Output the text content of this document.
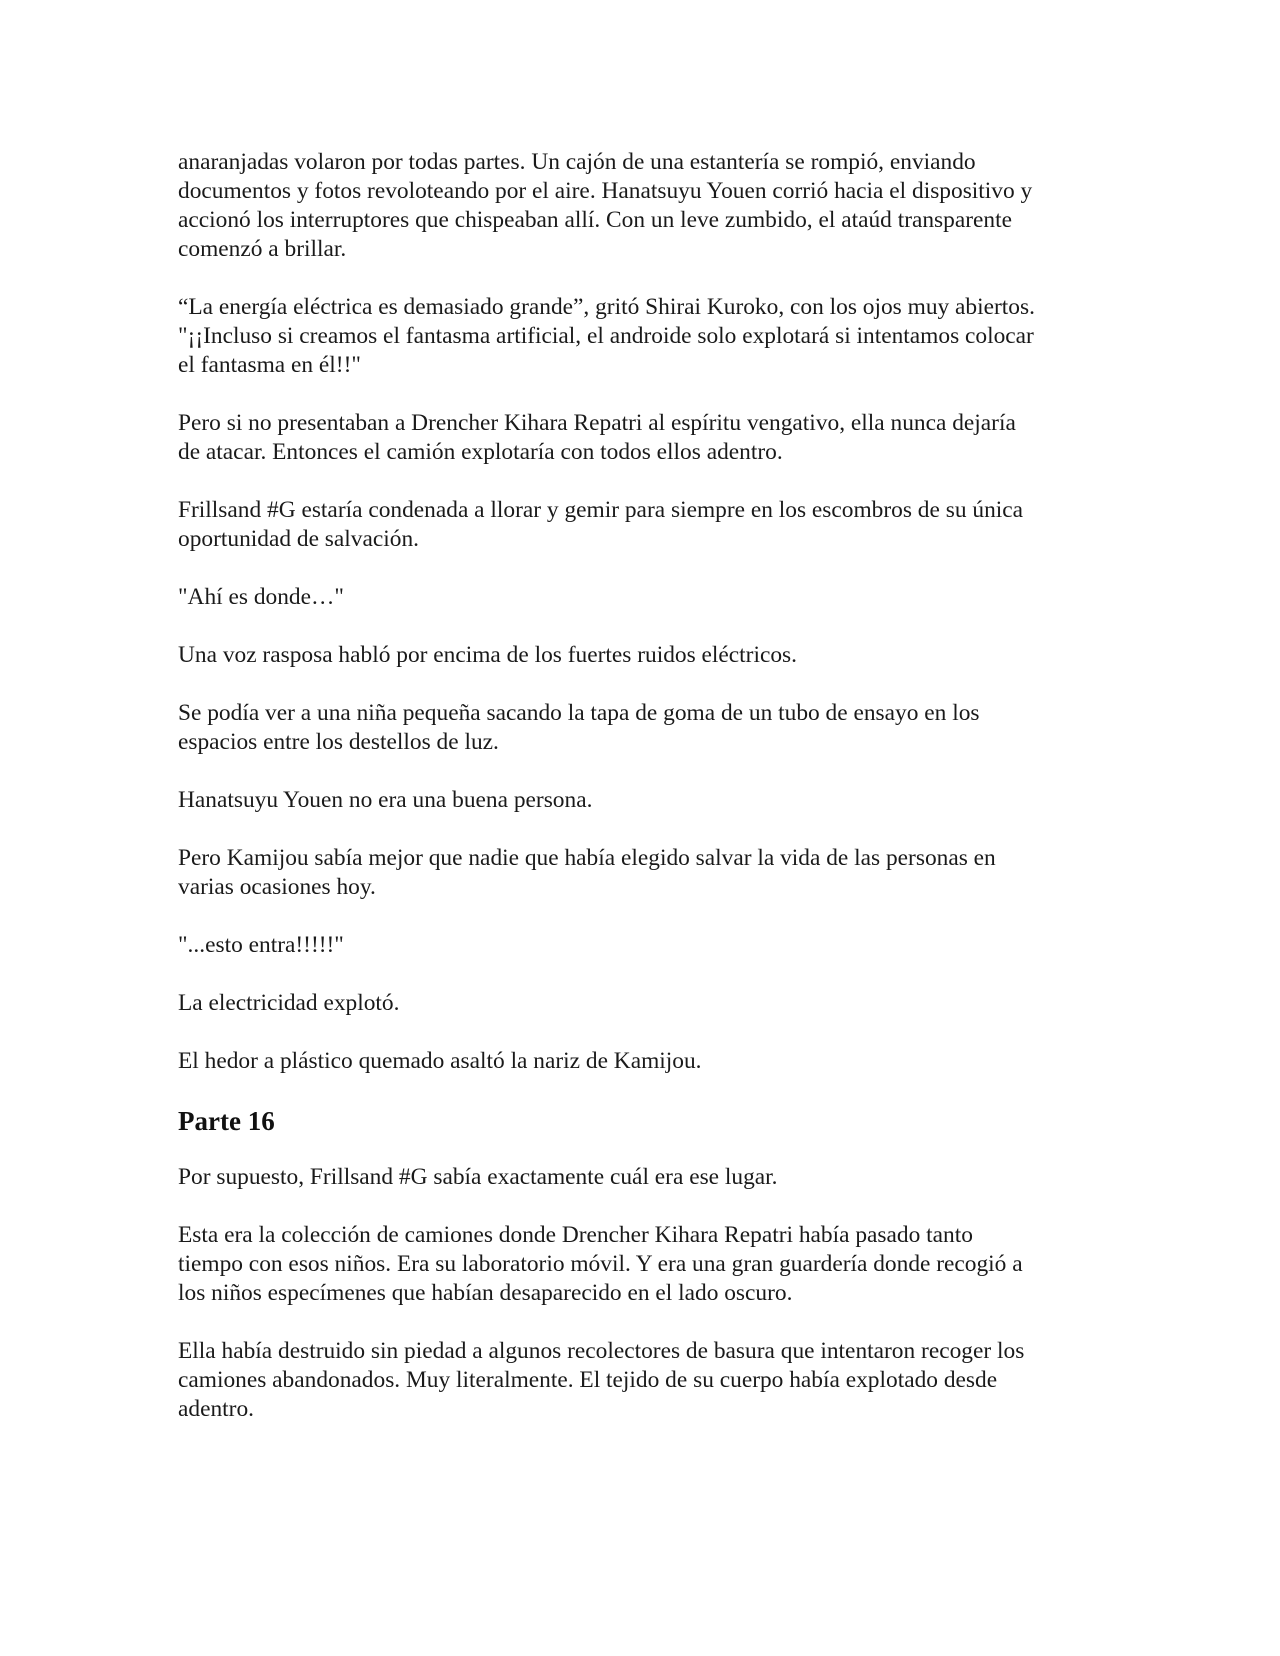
anaranjadas volaron por todas partes. Un cajón de una estantería se rompió, enviando
documentos y fotos revoloteando por el aire. Hanatsuyu Youen corrió hacia el dispositivo y
accionó los interruptores que chispeaban allí. Con un leve zumbido, el ataúd transparente
comenzó a brillar.

“La energía eléctrica es demasiado grande”, gritó Shirai Kuroko, con los ojos muy abiertos.
"¡¡Incluso si creamos el fantasma artificial, el androide solo explotará si intentamos colocar
el fantasma en él!!"

Pero si no presentaban a Drencher Kihara Repatri al espíritu vengativo, ella nunca dejaría
de atacar. Entonces el camión explotaría con todos ellos adentro.

Frillsand #G estaría condenada a llorar y gemir para siempre en los escombros de su única
oportunidad de salvación.

"Ahí es donde…"

Una voz rasposa habló por encima de los fuertes ruidos eléctricos.

Se podía ver a una niña pequeña sacando la tapa de goma de un tubo de ensayo en los
espacios entre los destellos de luz.

Hanatsuyu Youen no era una buena persona.

Pero Kamijou sabía mejor que nadie que había elegido salvar la vida de las personas en
varias ocasiones hoy.

"...esto entra!!!!!"

La electricidad explotó.

El hedor a plástico quemado asaltó la nariz de Kamijou.

Parte 16

Por supuesto, Frillsand #G sabía exactamente cuál era ese lugar.

Esta era la colección de camiones donde Drencher Kihara Repatri había pasado tanto
tiempo con esos niños. Era su laboratorio móvil. Y era una gran guardería donde recogió a
los niños especímenes que habían desaparecido en el lado oscuro.

Ella había destruido sin piedad a algunos recolectores de basura que intentaron recoger los
camiones abandonados. Muy literalmente. El tejido de su cuerpo había explotado desde
adentro.
